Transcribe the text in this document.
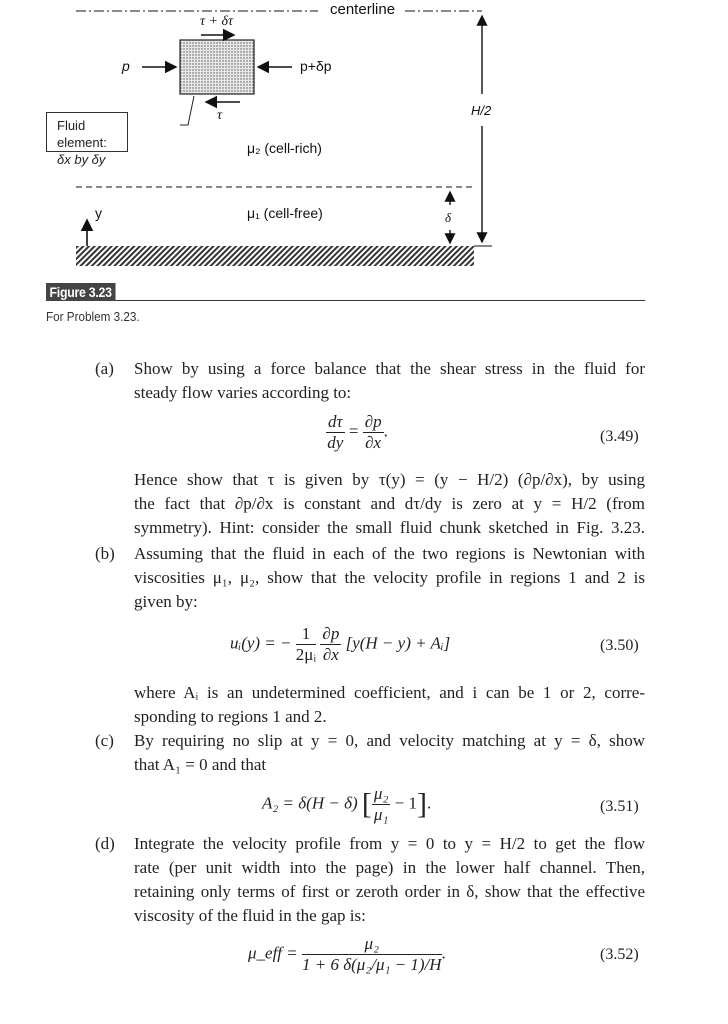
centerline
τ + δτ
p	p+δp
τ	H/2
Fluid element:
δx by δy
μ₂ (cell-rich)
μ₁ (cell-free)
y	δ
Figure 3.23
For Problem 3.23.
(a) Show by using a force balance that the shear stress in the fluid for
steady flow varies according to:
$\frac{d\tau}{dy} = \frac{\partial p}{\partial x}$ .	(3.49)
Hence show that τ is given by τ(y) = (y − H/2) (∂p/∂x), by using
the fact that ∂p/∂x is constant and dτ/dy is zero at y = H/2 (from
symmetry). Hint: consider the small fluid chunk sketched in Fig. 3.23.
(b) Assuming that the fluid in each of the two regions is Newtonian with
viscosities μ₁, μ₂, show that the velocity profile in regions 1 and 2 is
given by:
uᵢ(y) = − $\frac{1}{\text{2μᵢ}}$
$\frac{\partial p}{\partial x} [y(H - y)$ + Aᵢ]	(3.50)
where Aᵢ is an undetermined coefficient, and i can be 1 or 2, corre-
sponding to regions 1 and 2.
(c) By requiring no slip at y = 0, and velocity matching at y = δ, show
that A₁ = 0 and that
A₂ = δ(H − δ) [ $\frac{\text{μ₂}}{\text{μ₁}} - 1$].	(3.51)
(d) Integrate the velocity profile from y = 0 to y = H/2 to get the flow
rate (per unit width into the page) in the lower half channel. Then,
retaining only terms of first or zeroth order in δ, show that the effective
viscosity of the fluid in the gap is:
μ_eff = $\frac{\text{μ₂}}{\text{1 + 6 δ(μ₂/μ₁ − 1)/H}}$ .	(3.52)
